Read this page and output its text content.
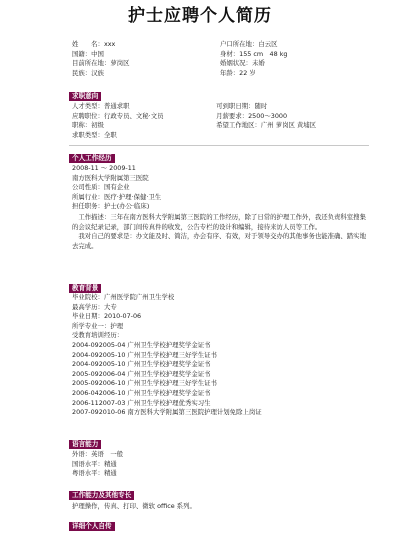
护士应聘个人简历
姓　　名：xxx	户口所在地：白云区
国籍：中国	身材：155 cm　48 kg
目前所在地：萝岗区	婚姻状况：未婚
民族：汉族	年龄：22 岁
求职意向
人才类型：普通求职	可到职日期：随时
应聘职位：行政专员、文秘·文员	月薪要求：2500～3000
职称：初级	希望工作地区：广州 萝岗区 黄埔区
求职类型：全职
个人工作经历
2008-11 ～ 2009-11
南方医科大学附属第三医院
公司性质：国有企业
所属行业：医疗·护理·保健·卫生
担任职务：护士(办公·临床)
工作描述：三年在南方医科大学附属第三医院的工作经历，除了日常的护理工作外，我还负责科室搜集的会议纪录记录，部门间传真件的收发，公告专栏的设计和编辑，接待来访人员等工作。
我对自己的要求是：办文能及时、简洁，办会有序、有效，对于领导交办的其他事务也能准确、踏实地去完成。
教育背景
毕业院校：广州医学院广州卫生学校
最高学历：大专
毕业日期：2010-07-06
所学专业一：护理
受教育培训经历：
2004-092005-04 广州卫生学校护理奖学金证书
2004-092005-10 广州卫生学校护理三好学生证书
2004-092005-10 广州卫生学校护理奖学金证书
2005-092006-04 广州卫生学校护理奖学金证书
2005-092006-10 广州卫生学校护理三好学生证书
2006-042006-10 广州卫生学校护理奖学金证书
2006-112007-03 广州卫生学校护理优秀实习生
2007-092010-06 南方医科大学附属第三医院护理计划免除上岗证
语言能力
外语：英语　一般
国语水平：精通
粤语水平：精通
工作能力及其他专长
护理操作，传真、打印、微软 office 系列。
详细个人自传
